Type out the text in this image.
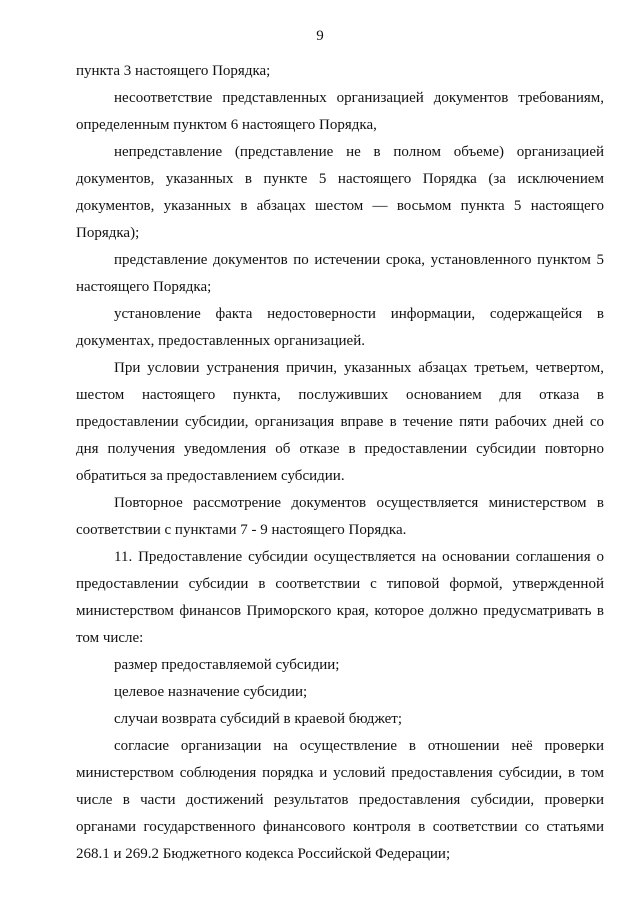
9

пункта 3 настоящего Порядка;

несоответствие представленных организацией документов требованиям, определенным пунктом 6 настоящего Порядка,

непредставление (представление не в полном объеме) организацией документов, указанных в пункте 5 настоящего Порядка (за исключением документов, указанных в абзацах шестом — восьмом пункта 5 настоящего Порядка);

представление документов по истечении срока, установленного пунктом 5 настоящего Порядка;

установление факта недостоверности информации, содержащейся в документах, предоставленных организацией.

При условии устранения причин, указанных абзацах третьем, четвертом, шестом настоящего пункта, послуживших основанием для отказа в предоставлении субсидии, организация вправе в течение пяти рабочих дней со дня получения уведомления об отказе в предоставлении субсидии повторно обратиться за предоставлением субсидии.

Повторное рассмотрение документов осуществляется министерством в соответствии с пунктами 7 - 9 настоящего Порядка.

11. Предоставление субсидии осуществляется на основании соглашения о предоставлении субсидии в соответствии с типовой формой, утвержденной министерством финансов Приморского края, которое должно предусматривать в том числе:

размер предоставляемой субсидии;

целевое назначение субсидии;

случаи возврата субсидий в краевой бюджет;

согласие организации на осуществление в отношении неё проверки министерством соблюдения порядка и условий предоставления субсидии, в том числе в части достижений результатов предоставления субсидии, проверки органами государственного финансового контроля в соответствии со статьями 268.1 и 269.2 Бюджетного кодекса Российской Федерации;
